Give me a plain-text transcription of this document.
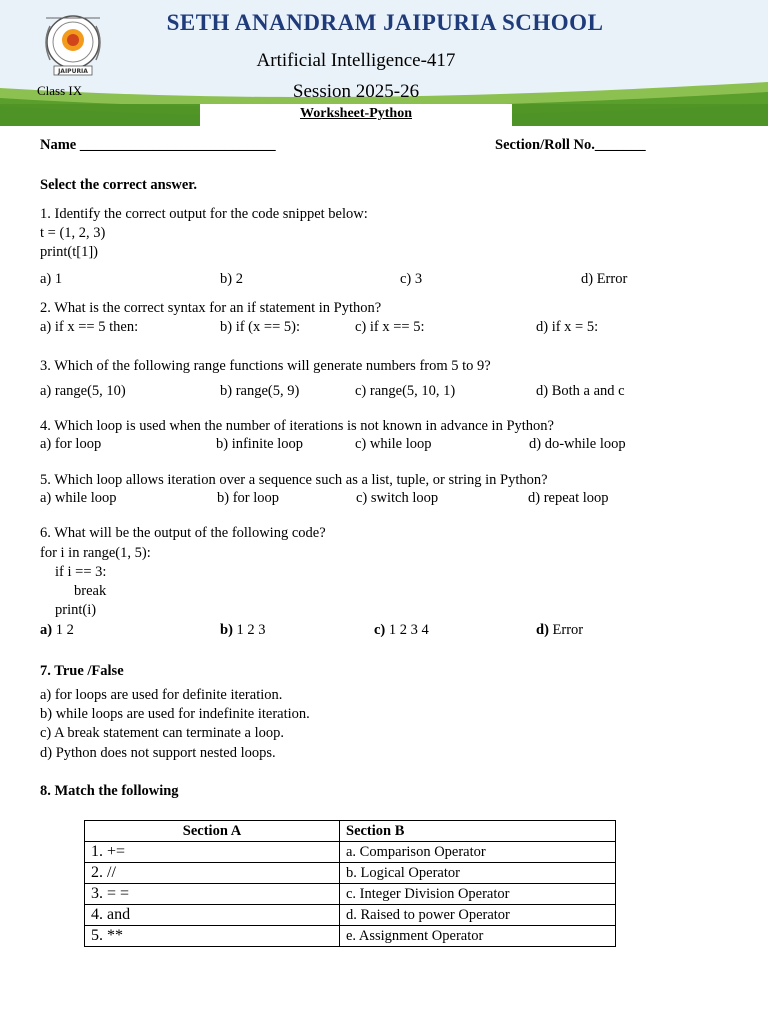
JAIPURIA
SETH ANANDRAM JAIPURIA SCHOOL
Artificial Intelligence-417
Session 2025-26
Class IX
Worksheet-Python
Name ___________________________	Section/Roll No._______
Select the correct answer.
1. Identify the correct output for the code snippet below:
t = (1, 2, 3)
print(t[1])
a) 1	b) 2	c) 3	d) Error
2. What is the correct syntax for an if statement in Python?
a) if x == 5 then:	b) if (x == 5):	c) if x == 5:	d) if x = 5:
3. Which of the following range functions will generate numbers from 5 to 9?
a) range(5, 10)	b) range(5, 9)	c) range(5, 10, 1)	d) Both a and c
4. Which loop is used when the number of iterations is not known in advance in Python?
a) for loop	b) infinite loop	c) while loop	d) do-while loop
5. Which loop allows iteration over a sequence such as a list, tuple, or string in Python?
a) while loop	b) for loop	c) switch loop	d) repeat loop
6. What will be the output of the following code?
for i in range(1, 5):
if i == 3:
break
print(i)
a) 1 2	b) 1 2 3	c) 1 2 3 4	d) Error
7. True /False
a) for loops are used for definite iteration.
b) while loops are used for indefinite iteration.
c) A break statement can terminate a loop.
d) Python does not support nested loops.
8. Match the following
Section A	Section B
1. +=	a. Comparison Operator
2. //	b. Logical Operator
3. = =	c. Integer Division Operator
4. and	d. Raised to power Operator
5. **	e. Assignment Operator
